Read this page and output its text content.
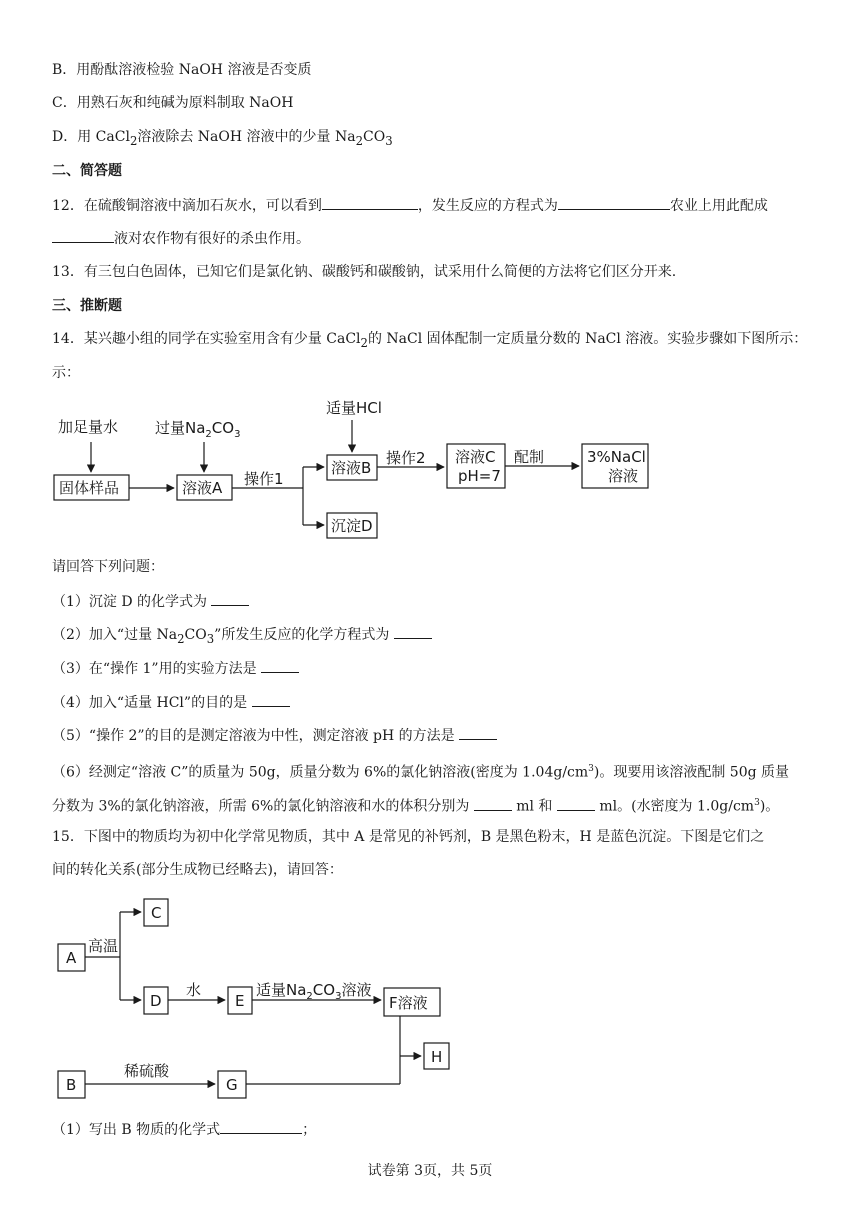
B．用酚酞溶液检验 NaOH 溶液是否变质
C．用熟石灰和纯碱为原料制取 NaOH
D．用 CaCl$_2$溶液除去 NaOH 溶液中的少量 $Na_2CO_3$
二、简答题
12．在硫酸铜溶液中滴加石灰水，可以看到	，发生反应的方程式为	农业上用此配成
液对农作物有很好的杀虫作用。
13．有三包白色固体，已知它们是氯化钠、碳酸钙和碳酸钠，试采用什么简便的方法将它们区分开来.
三、推断题
14．某兴趣小组的同学在实验室用含有少量 CaCl$_2$的 NaCl 固体配制一定质量分数的 NaCl 溶液。实验步骤如下图所示：
加足量水 过量$Na_2CO_3$
适量HCl
固体样品	溶液A 操作1
溶液B
操作2 溶液C
pH=7
配制	3%NaCl
溶液
沉淀D
A
C
D	E	F溶液
H
B	G
高温
水	适量$Na_2CO_3$溶液
稀硫酸
示：
请回答下列问题：
（1）沉淀 D 的化学式为
（2）加入“过量 $Na_2CO_3$”所发生反应的化学方程式为
（3）在“操作 1”用的实验方法是
（4）加入“适量 HCl”的目的是
（5）“操作 2”的目的是测定溶液为中性，测定溶液 pH 的方法是
（6）经测定“溶液 C”的质量为 50g，质量分数为 6%的氯化钠溶液(密度为 $1.04g/cm^3$)。现要用该溶液配制 50g 质量
分数为 3%的氯化钠溶液，所需 6%的氯化钠溶液和水的体积分别为	ml 和	ml。(水密度为 $1.0g/cm^3$)。
15．下图中的物质均为初中化学常见物质，其中 A 是常见的补钙剂，B 是黑色粉末，H 是蓝色沉淀。下图是它们之
间的转化关系(部分生成物已经略去)，请回答：
（1）写出 B 物质的化学式	；
试卷第 3页，共 5页
